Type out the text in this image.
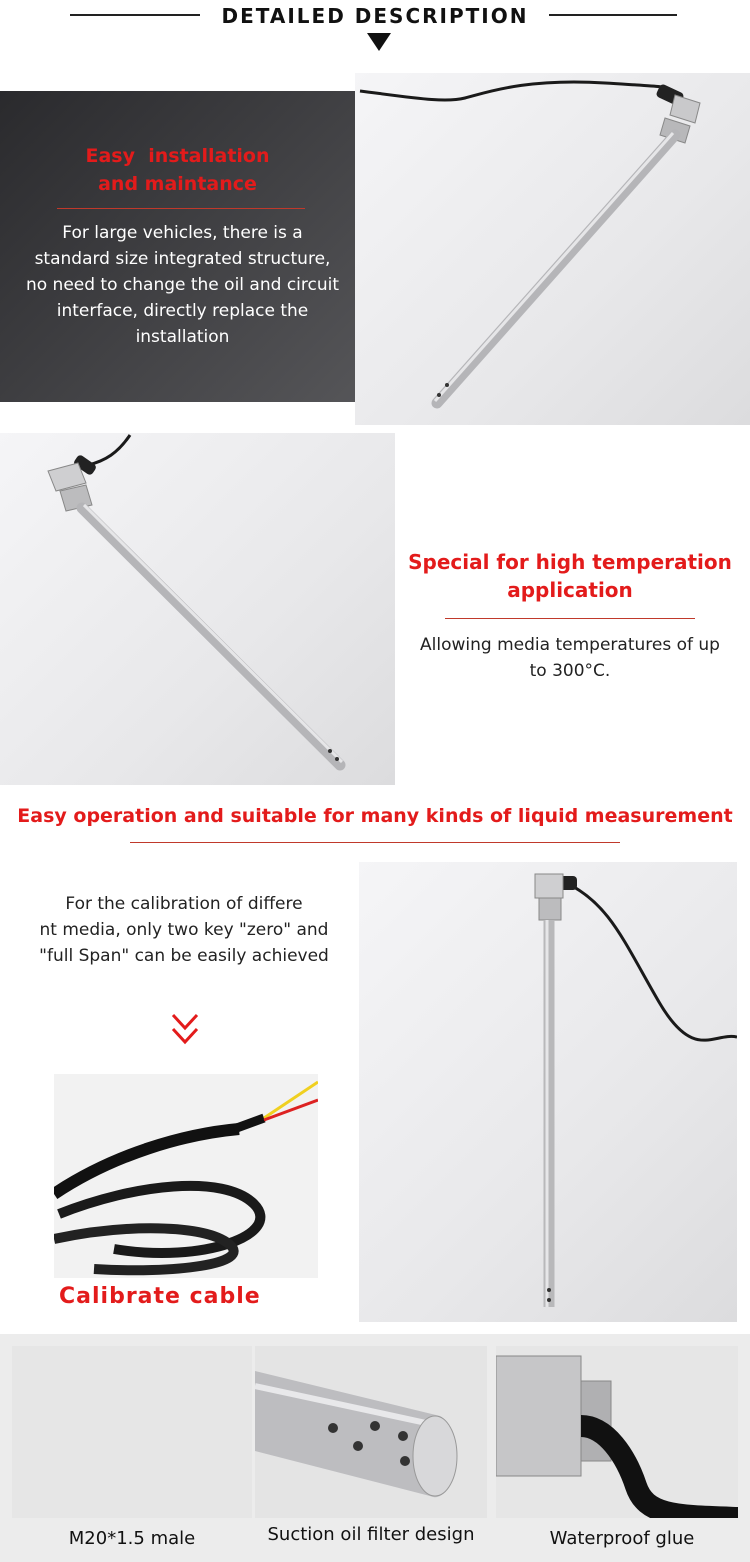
DETAILED DESCRIPTION
Easy  installation
and maintance
For large vehicles, there is a
standard size integrated structure,
no need to change the oil and circuit
interface, directly replace the
installation
Special for high temperation
application
Allowing media temperatures of up
to 300°C.
Easy operation and suitable for many kinds of liquid measurement
For the calibration of differe
nt media, only two key "zero" and
"full Span" can be easily achieved
Calibrate cable
M20*1.5 male	Suction oil filter design	Waterproof glue
